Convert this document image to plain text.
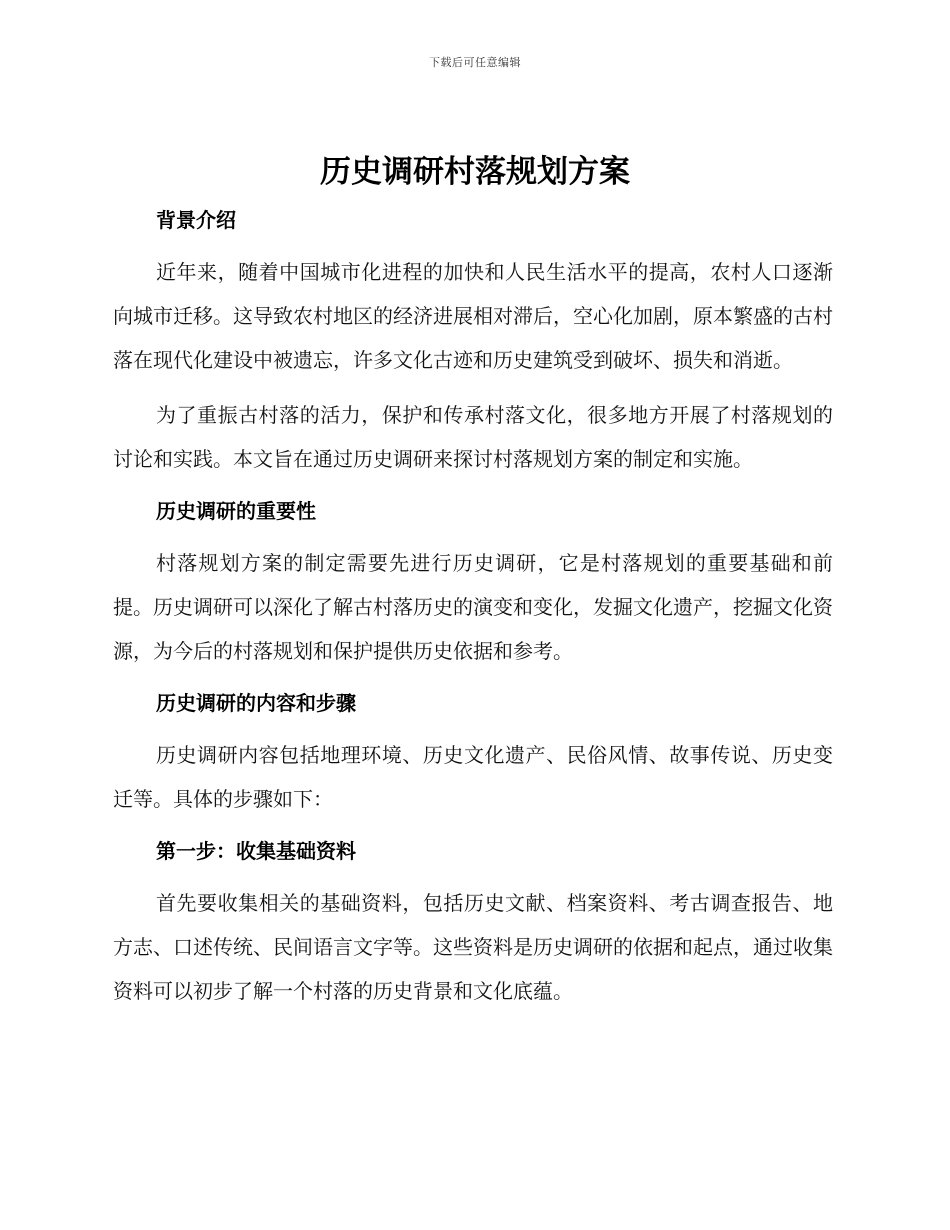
下载后可任意编辑
历史调研村落规划方案
背景介绍

近年来，随着中国城市化进程的加快和人民生活水平的提高，农村人口逐渐向城市迁移。这导致农村地区的经济进展相对滞后，空心化加剧，原本繁盛的古村落在现代化建设中被遗忘，许多文化古迹和历史建筑受到破坏、损失和消逝。

为了重振古村落的活力，保护和传承村落文化，很多地方开展了村落规划的讨论和实践。本文旨在通过历史调研来探讨村落规划方案的制定和实施。

历史调研的重要性

村落规划方案的制定需要先进行历史调研，它是村落规划的重要基础和前提。历史调研可以深化了解古村落历史的演变和变化，发掘文化遗产，挖掘文化资源，为今后的村落规划和保护提供历史依据和参考。

历史调研的内容和步骤

历史调研内容包括地理环境、历史文化遗产、民俗风情、故事传说、历史变迁等。具体的步骤如下：

第一步：收集基础资料

首先要收集相关的基础资料，包括历史文献、档案资料、考古调查报告、地方志、口述传统、民间语言文字等。这些资料是历史调研的依据和起点，通过收集资料可以初步了解一个村落的历史背景和文化底蕴。
